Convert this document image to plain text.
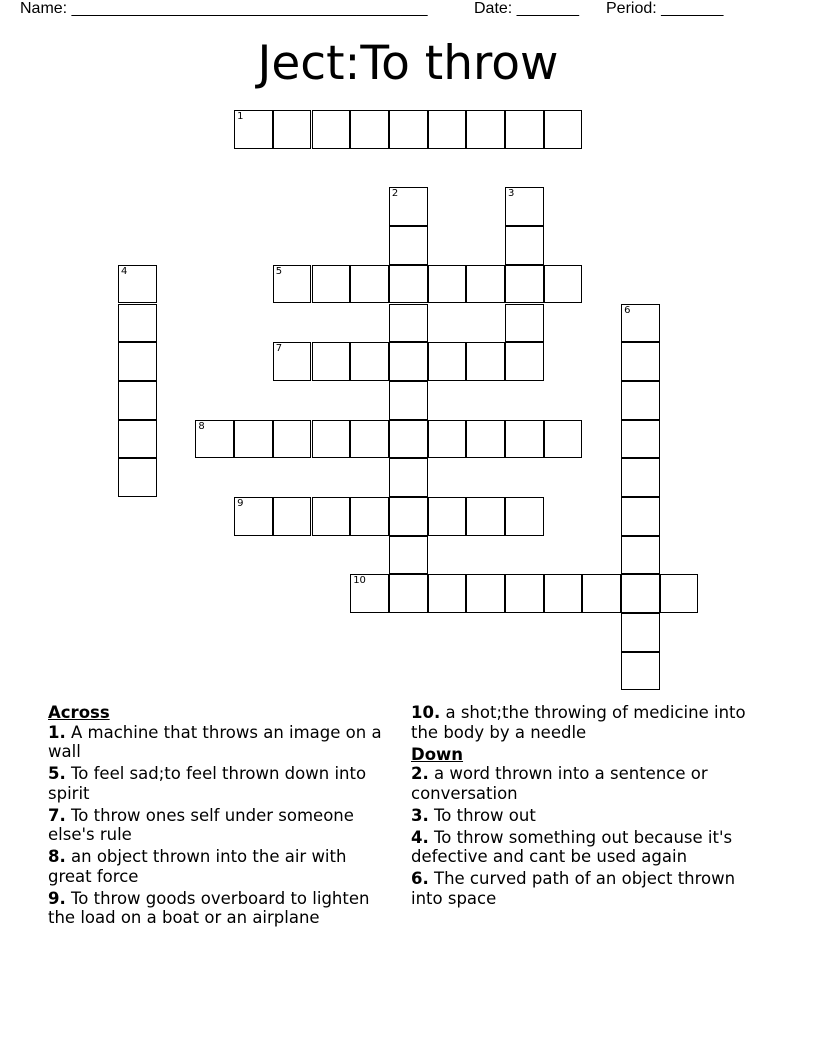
Name: ________________________________________	Date: _______ Period: _______
Ject:To throw
1
2	3
4	5
6
7
8
9
10
Across
1. A machine that throws an image on a wall
5. To feel sad;to feel thrown down into spirit
7. To throw ones self under someone else's rule
8. an object thrown into the air with great force
9. To throw goods overboard to lighten the load on a boat or an airplane
10. a shot;the throwing of medicine into the body by a needle
Down
2. a word thrown into a sentence or conversation
3. To throw out
4. To throw something out because it's defective and cant be used again
6. The curved path of an object thrown into space
